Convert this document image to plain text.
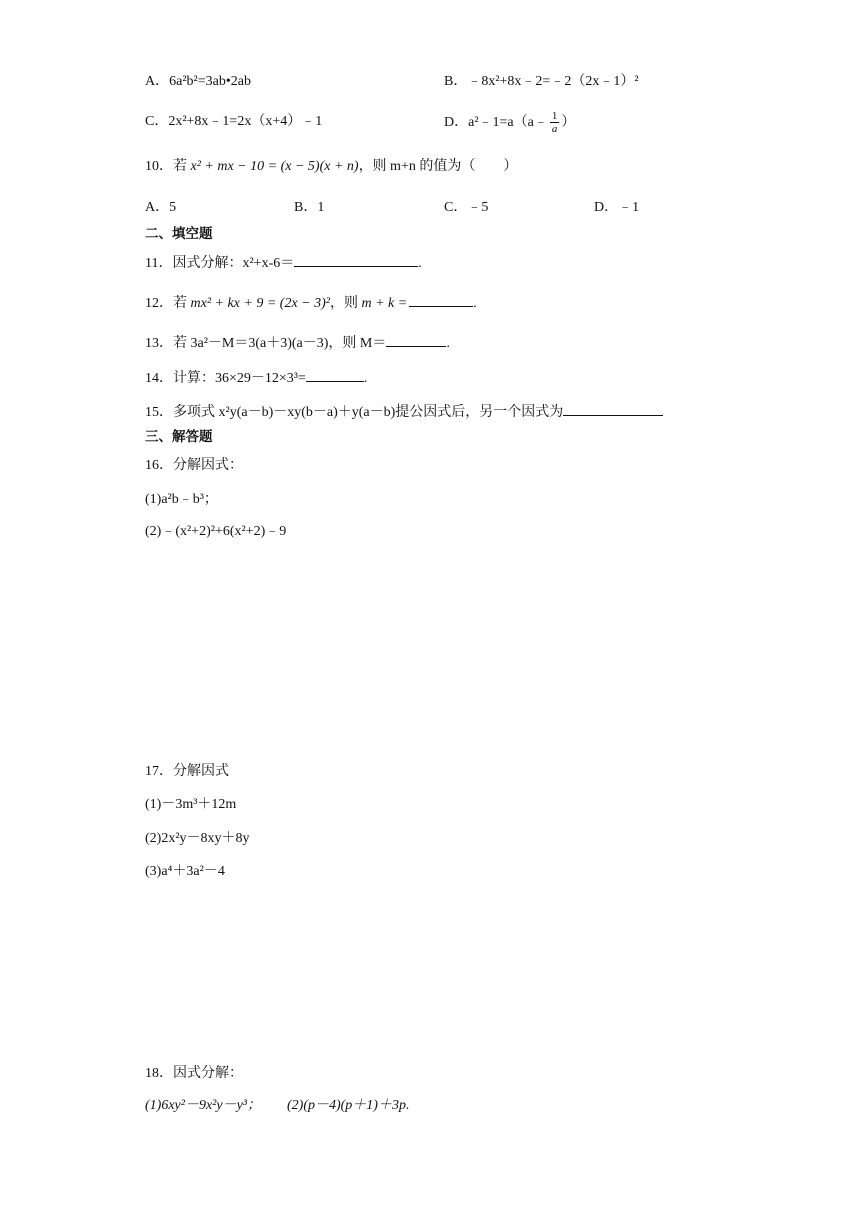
A．6a²b²=3ab•2ab	B．﹣8x²+8x﹣2=﹣2（2x﹣1）²
C．2x²+8x﹣1=2x（x+4）﹣1	D．a²﹣1=a（a﹣ $\frac{1}{a}$ ）
10．若 x² + mx − 10 = (x − 5)(x + n)，则 m+n 的值为（　　）
A．5	B．1	C．﹣5	D．﹣1
二、填空题
11．因式分解：x²+x-6＝	.
12．若 mx² + kx + 9 = (2x − 3)²，则 m + k =	.
13．若 3a²－M＝3(a＋3)(a－3)，则 M＝	.
14．计算：36×29－12×3³=	.
15．多项式 x²y(a－b)－xy(b－a)＋y(a－b)提公因式后，另一个因式为
三、解答题
16．分解因式：
(1)a²b﹣b³；
(2)﹣(x²+2)²+6(x²+2)﹣9
17．分解因式
(1)－3m³＋12m
(2)2x²y－8xy＋8y
(3)a⁴＋3a²－4
18．因式分解：
(1)6xy²－9x²y－y³； (2)(p－4)(p＋1)＋3p.
